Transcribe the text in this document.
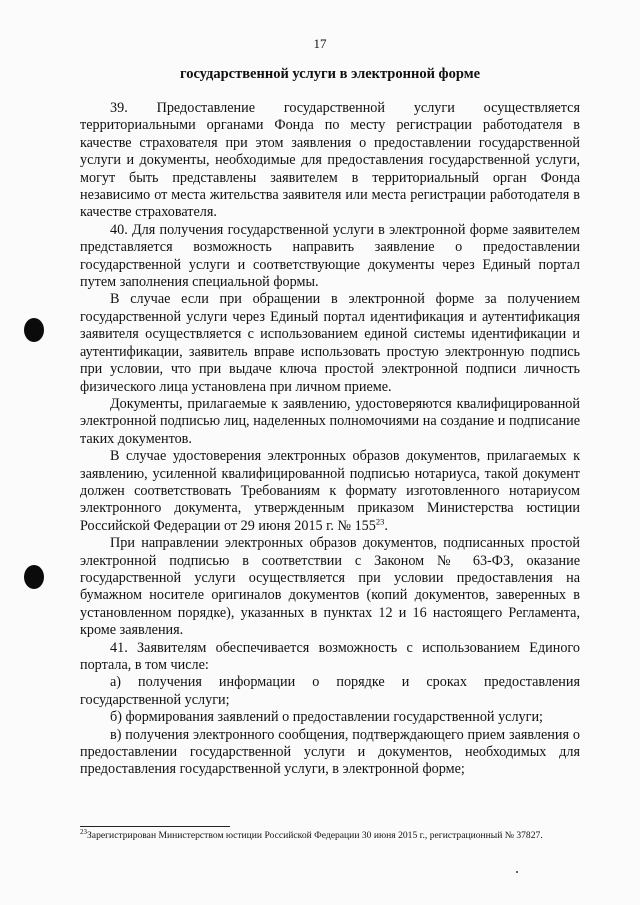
17
государственной услуги в электронной форме

39. Предоставление государственной услуги осуществляется территориальными органами Фонда по месту регистрации работодателя в качестве страхователя при этом заявления о предоставлении государственной услуги и документы, необходимые для предоставления государственной услуги, могут быть представлены заявителем в территориальный орган Фонда независимо от места жительства заявителя или места регистрации работодателя в качестве страхователя.

40. Для получения государственной услуги в электронной форме заявителем представляется возможность направить заявление о предоставлении государственной услуги и соответствующие документы через Единый портал путем заполнения специальной формы.

В случае если при обращении в электронной форме за получением государственной услуги через Единый портал идентификация и аутентификация заявителя осуществляется с использованием единой системы идентификации и аутентификации, заявитель вправе использовать простую электронную подпись при условии, что при выдаче ключа простой электронной подписи личность физического лица установлена при личном приеме.

Документы, прилагаемые к заявлению, удостоверяются квалифицированной электронной подписью лиц, наделенных полномочиями на создание и подписание таких документов.

В случае удостоверения электронных образов документов, прилагаемых к заявлению, усиленной квалифицированной подписью нотариуса, такой документ должен соответствовать Требованиям к формату изготовленного нотариусом электронного документа, утвержденным приказом Министерства юстиции Российской Федерации от 29 июня 2015 г. № $155^{23}$.

При направлении электронных образов документов, подписанных простой электронной подписью в соответствии с Законом № 63-ФЗ, оказание государственной услуги осуществляется при условии предоставления на бумажном носителе оригиналов документов (копий документов, заверенных в установленном порядке), указанных в пунктах 12 и 16 настоящего Регламента, кроме заявления.

41. Заявителям обеспечивается возможность с использованием Единого портала, в том числе:

а) получения информации о порядке и сроках предоставления государственной услуги;

б) формирования заявлений о предоставлении государственной услуги;

в) получения электронного сообщения, подтверждающего прием заявления о предоставлении государственной услуги и документов, необходимых для предоставления государственной услуги, в электронной форме;

$^{23}$Зарегистрирован Министерством юстиции Российской Федерации 30 июня 2015 г., регистрационный № 37827.
